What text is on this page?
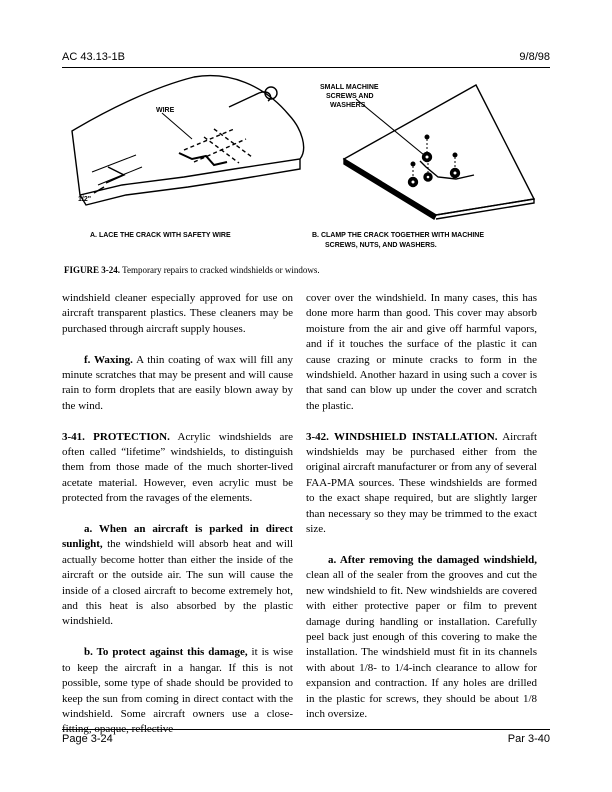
AC 43.13-1B	9/8/98
WIRE
1/2"
A. LACE THE CRACK WITH SAFETY WIRE
SMALL MACHINE
SCREWS AND
WASHERS
B. CLAMP THE CRACK TOGETHER WITH MACHINE
SCREWS, NUTS, AND WASHERS.
FIGURE 3-24. Temporary repairs to cracked windshields or windows.

windshield cleaner especially approved for use on aircraft transparent plastics. These cleaners may be purchased through aircraft supply houses.

f. Waxing. A thin coating of wax will fill any minute scratches that may be present and will cause rain to form droplets that are easily blown away by the wind.

3-41. PROTECTION. Acrylic windshields are often called “lifetime” windshields, to distinguish them from those made of the much shorter-lived acetate material. However, even acrylic must be protected from the ravages of the elements.

a. When an aircraft is parked in direct sunlight, the windshield will absorb heat and will actually become hotter than either the inside of the aircraft or the outside air. The sun will cause the inside of a closed aircraft to become extremely hot, and this heat is also absorbed by the plastic windshield.

b. To protect against this damage, it is wise to keep the aircraft in a hangar. If this is not possible, some type of shade should be provided to keep the sun from coming in direct contact with the windshield. Some aircraft owners use a close-fitting, opaque, reflective

cover over the windshield. In many cases, this has done more harm than good. This cover may absorb moisture from the air and give off harmful vapors, and if it touches the surface of the plastic it can cause crazing or minute cracks to form in the windshield. Another hazard in using such a cover is that sand can blow up under the cover and scratch the plastic.

3-42. WINDSHIELD INSTALLATION. Aircraft windshields may be purchased either from the original aircraft manufacturer or from any of several FAA-PMA sources. These windshields are formed to the exact shape required, but are slightly larger than necessary so they may be trimmed to the exact size.

a. After removing the damaged windshield, clean all of the sealer from the grooves and cut the new windshield to fit. New windshields are covered with either protective paper or film to prevent damage during handling or installation. Carefully peel back just enough of this covering to make the installation. The windshield must fit in its channels with about 1/8- to 1/4-inch clearance to allow for expansion and contraction. If any holes are drilled in the plastic for screws, they should be about 1/8 inch oversize.

Page 3-24	Par 3-40
